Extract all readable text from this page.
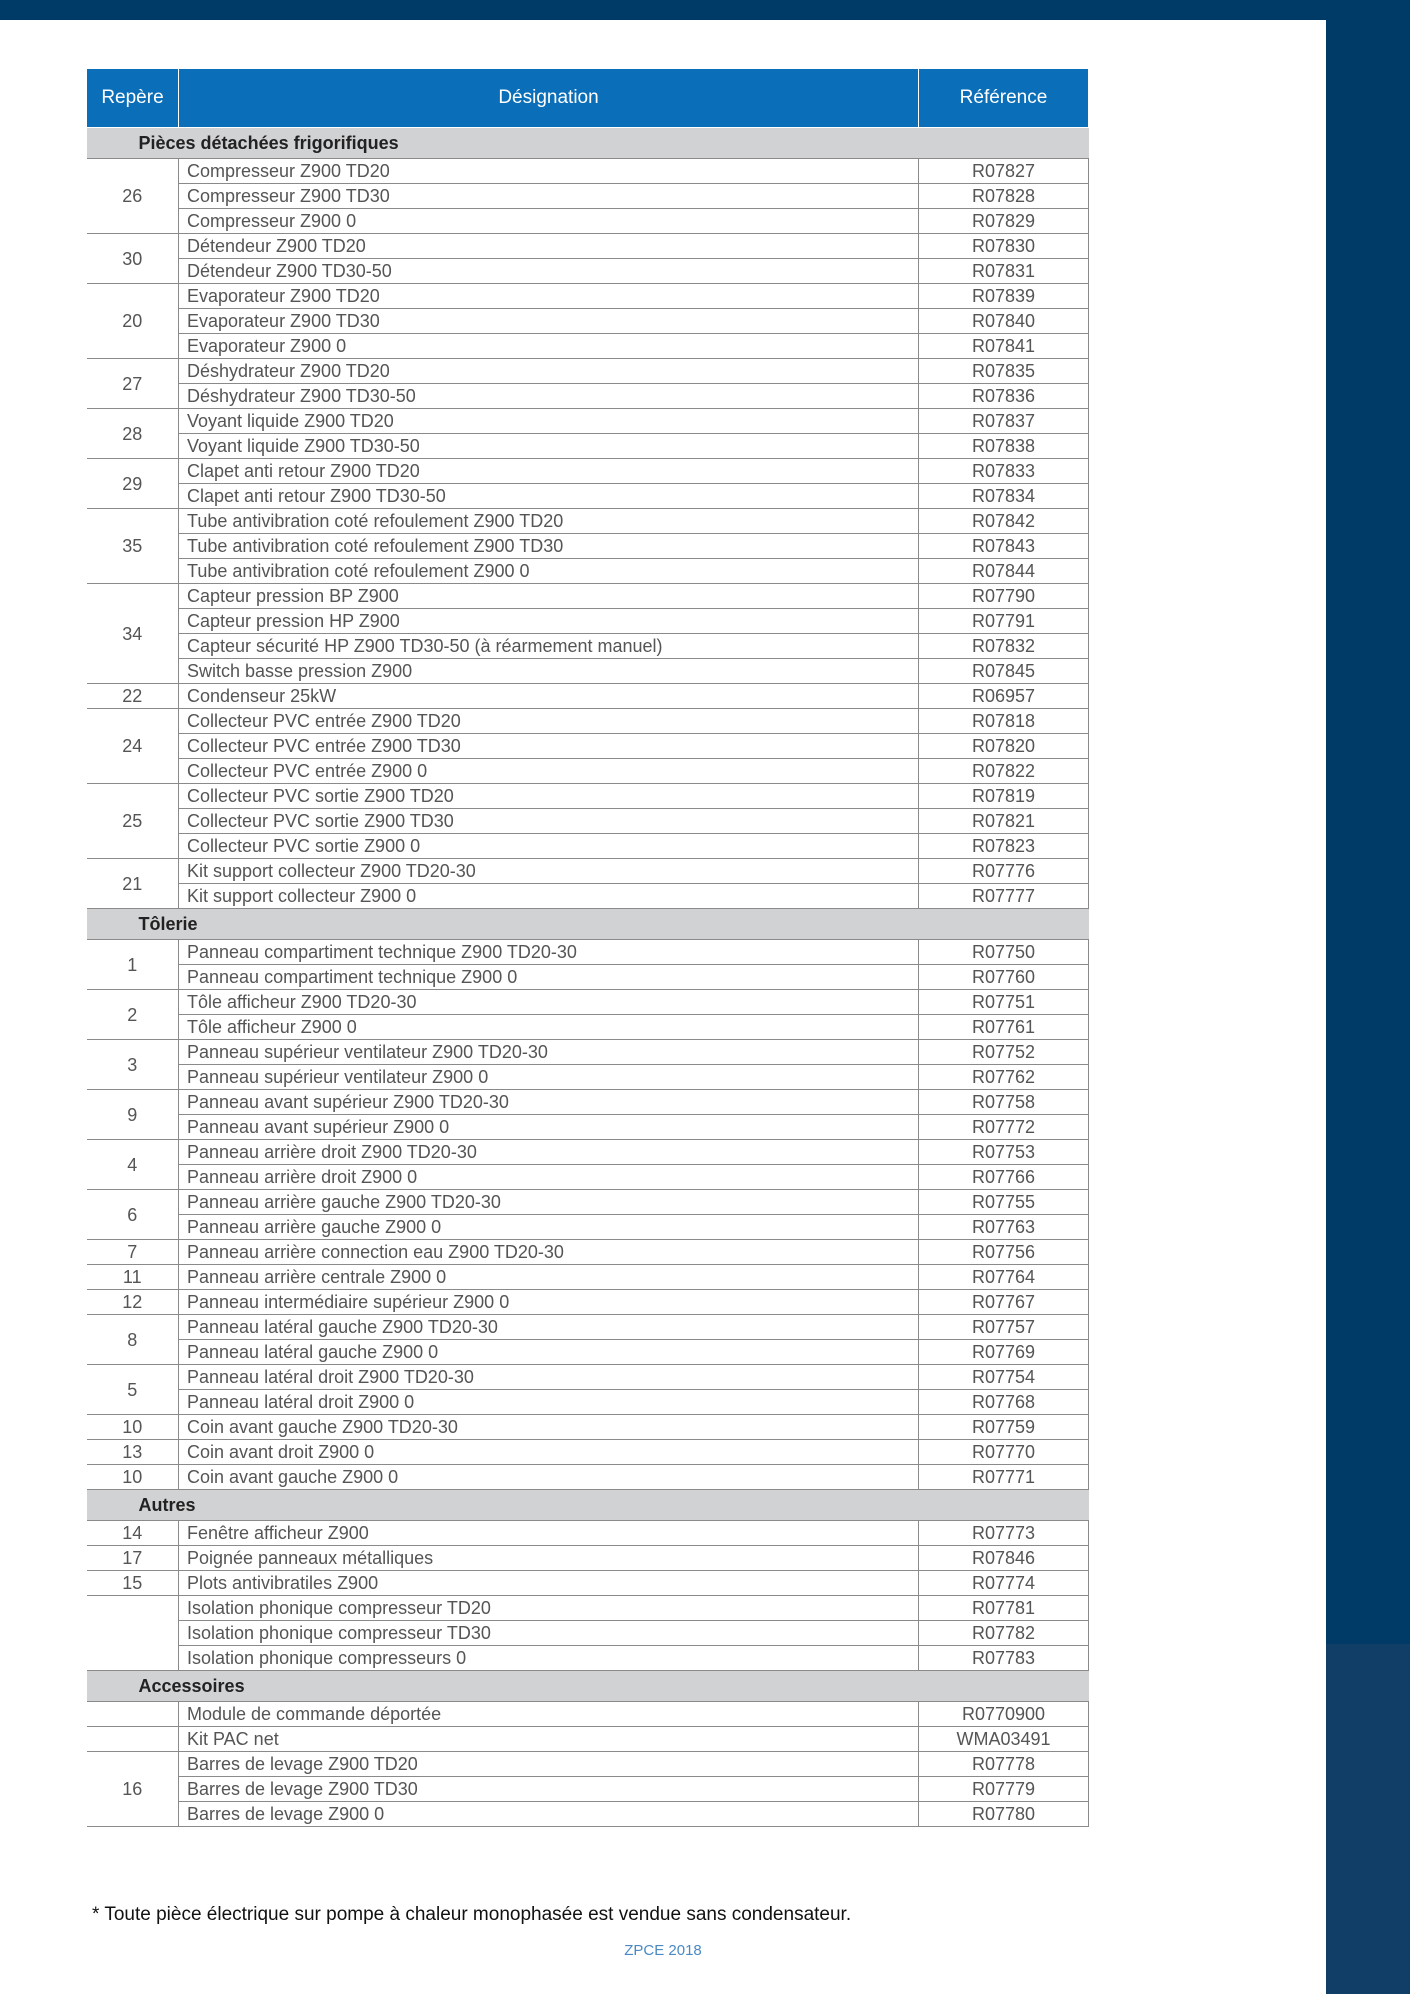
Repère	Désignation	Référence
Pièces détachées frigorifiques		
26	Compresseur Z900 TD20	R07827
	Compresseur Z900 TD30	R07828
	Compresseur Z900 0	R07829
30	Détendeur Z900 TD20	R07830
	Détendeur Z900 TD30-50	R07831
20	Evaporateur Z900 TD20	R07839
	Evaporateur Z900 TD30	R07840
	Evaporateur Z900 0	R07841
27	Déshydrateur Z900 TD20	R07835
	Déshydrateur Z900 TD30-50	R07836
28	Voyant liquide Z900 TD20	R07837
	Voyant liquide Z900 TD30-50	R07838
29	Clapet anti retour Z900 TD20	R07833
	Clapet anti retour Z900 TD30-50	R07834
35	Tube antivibration coté refoulement Z900 TD20	R07842
	Tube antivibration coté refoulement Z900 TD30	R07843
	Tube antivibration coté refoulement Z900 0	R07844
34	Capteur pression BP Z900	R07790
	Capteur pression HP Z900	R07791
	Capteur sécurité HP Z900 TD30-50 (à réarmement manuel)	R07832
	Switch basse pression Z900	R07845
22	Condenseur 25kW	R06957
24	Collecteur PVC entrée Z900 TD20	R07818
	Collecteur PVC entrée Z900 TD30	R07820
	Collecteur PVC entrée Z900 0	R07822
25	Collecteur PVC sortie Z900 TD20	R07819
	Collecteur PVC sortie Z900 TD30	R07821
	Collecteur PVC sortie Z900 0	R07823
21	Kit support collecteur Z900 TD20-30	R07776
	Kit support collecteur Z900 0	R07777
Tôlerie		
1	Panneau compartiment technique Z900 TD20-30	R07750
	Panneau compartiment technique Z900 0	R07760
2	Tôle afficheur Z900 TD20-30	R07751
	Tôle afficheur Z900 0	R07761
3	Panneau supérieur ventilateur Z900 TD20-30	R07752
	Panneau supérieur ventilateur Z900 0	R07762
9	Panneau avant supérieur Z900 TD20-30	R07758
	Panneau avant supérieur Z900 0	R07772
4	Panneau arrière droit Z900 TD20-30	R07753
	Panneau arrière droit Z900 0	R07766
6	Panneau arrière gauche Z900 TD20-30	R07755
	Panneau arrière gauche Z900 0	R07763
7	Panneau arrière connection eau Z900 TD20-30	R07756
11	Panneau arrière centrale Z900 0	R07764
12	Panneau intermédiaire supérieur Z900 0	R07767
8	Panneau latéral gauche Z900 TD20-30	R07757
	Panneau latéral gauche Z900 0	R07769
5	Panneau latéral droit Z900 TD20-30	R07754
	Panneau latéral droit Z900 0	R07768
10	Coin avant gauche Z900 TD20-30	R07759
13	Coin avant droit Z900 0	R07770
10	Coin avant gauche Z900 0	R07771
Autres		
14	Fenêtre afficheur Z900	R07773
17	Poignée panneaux métalliques	R07846
15	Plots antivibratiles Z900	R07774
	Isolation phonique compresseur TD20	R07781
	Isolation phonique compresseur TD30	R07782
	Isolation phonique compresseurs 0	R07783
Accessoires		
	Module de commande déportée	R0770900
	Kit PAC net	WMA03491
16	Barres de levage Z900 TD20	R07778
	Barres de levage Z900 TD30	R07779
	Barres de levage Z900 0	R07780
* Toute pièce électrique sur pompe à chaleur monophasée est vendue sans condensateur.
ZPCE 2018
